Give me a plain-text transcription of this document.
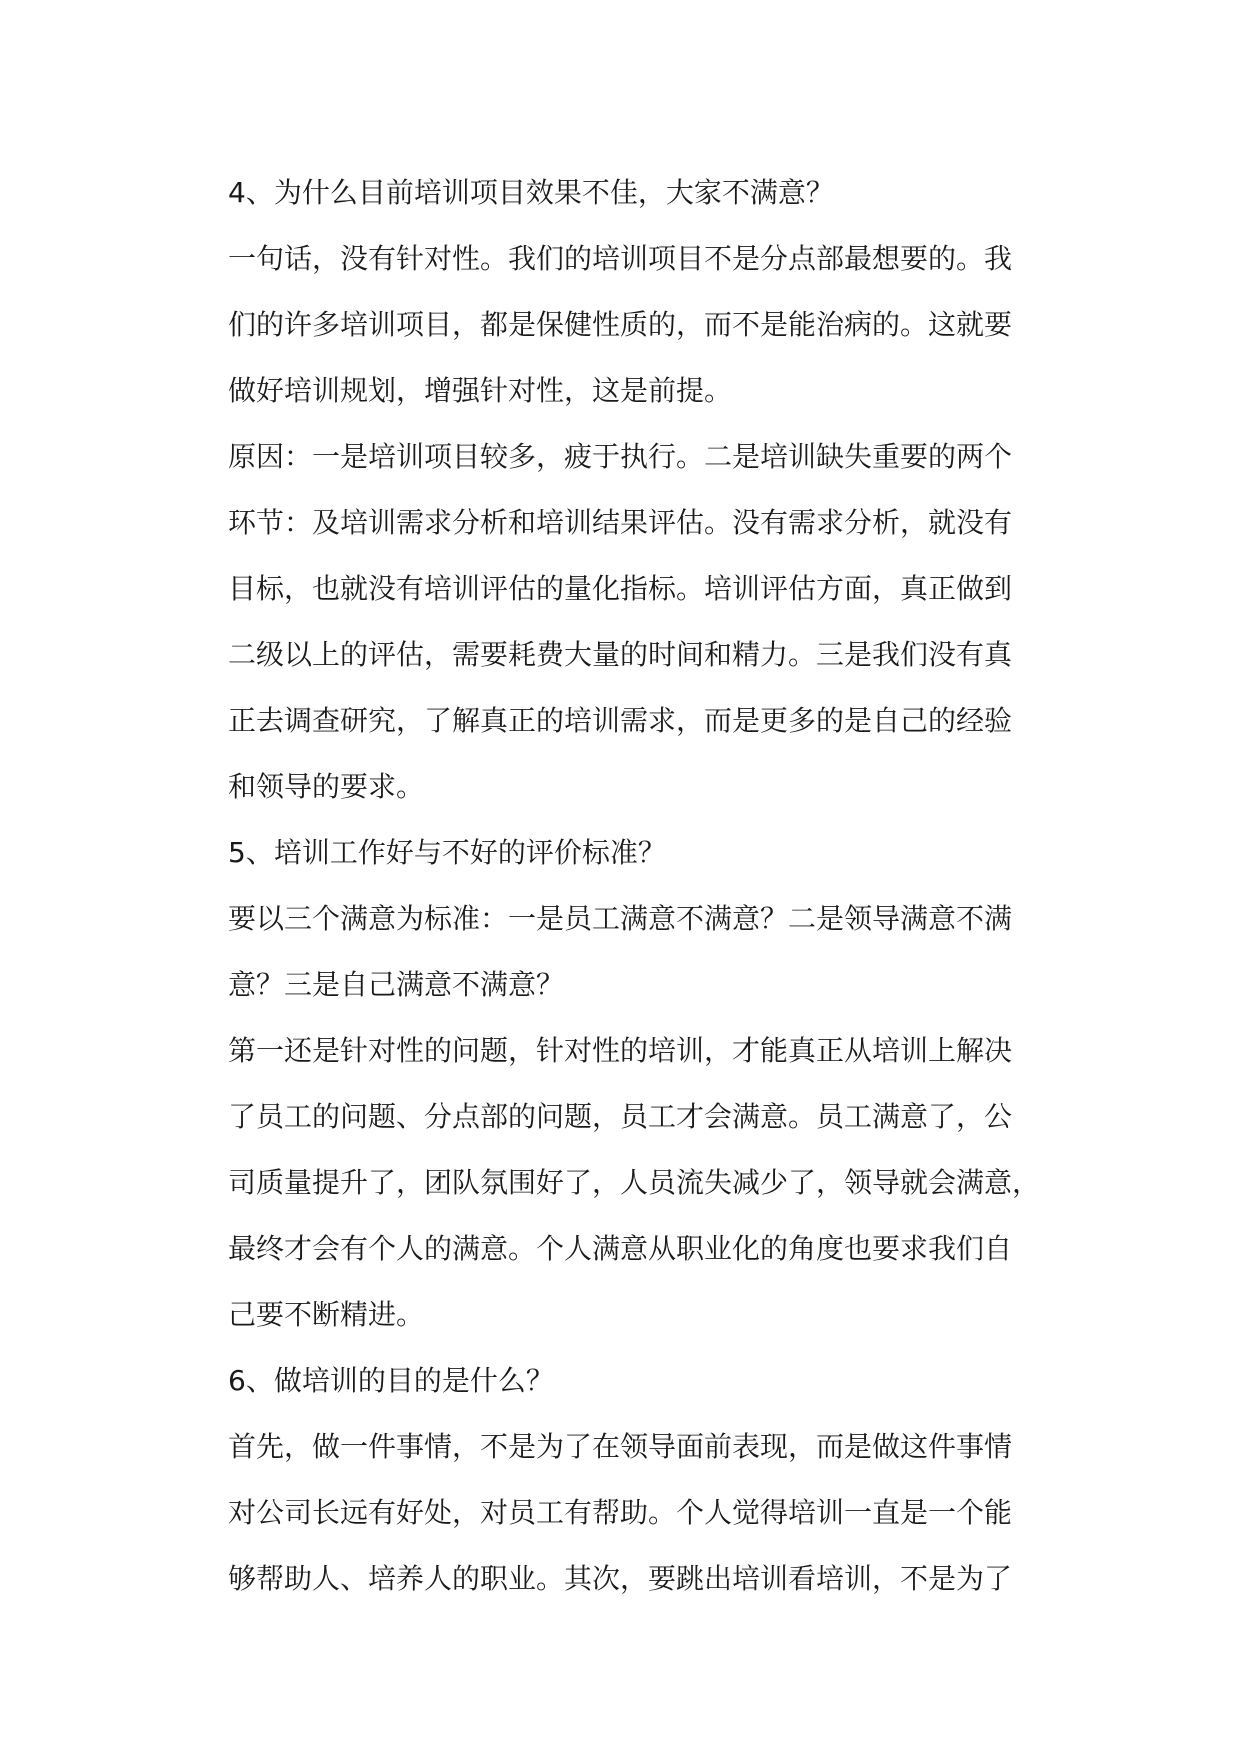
4、为什么目前培训项目效果不佳，大家不满意？
一句话，没有针对性。我们的培训项目不是分点部最想要的。我
们的许多培训项目，都是保健性质的，而不是能治病的。这就要
做好培训规划，增强针对性，这是前提。
原因：一是培训项目较多，疲于执行。二是培训缺失重要的两个
环节：及培训需求分析和培训结果评估。没有需求分析，就没有
目标，也就没有培训评估的量化指标。培训评估方面，真正做到
二级以上的评估，需要耗费大量的时间和精力。三是我们没有真
正去调查研究，了解真正的培训需求，而是更多的是自己的经验
和领导的要求。
5、培训工作好与不好的评价标准？
要以三个满意为标准：一是员工满意不满意？二是领导满意不满
意？三是自己满意不满意？
第一还是针对性的问题，针对性的培训，才能真正从培训上解决
了员工的问题、分点部的问题，员工才会满意。员工满意了，公
司质量提升了，团队氛围好了，人员流失减少了，领导就会满意，
最终才会有个人的满意。个人满意从职业化的角度也要求我们自
己要不断精进。
6、做培训的目的是什么？
首先，做一件事情，不是为了在领导面前表现，而是做这件事情
对公司长远有好处，对员工有帮助。个人觉得培训一直是一个能
够帮助人、培养人的职业。其次，要跳出培训看培训，不是为了
